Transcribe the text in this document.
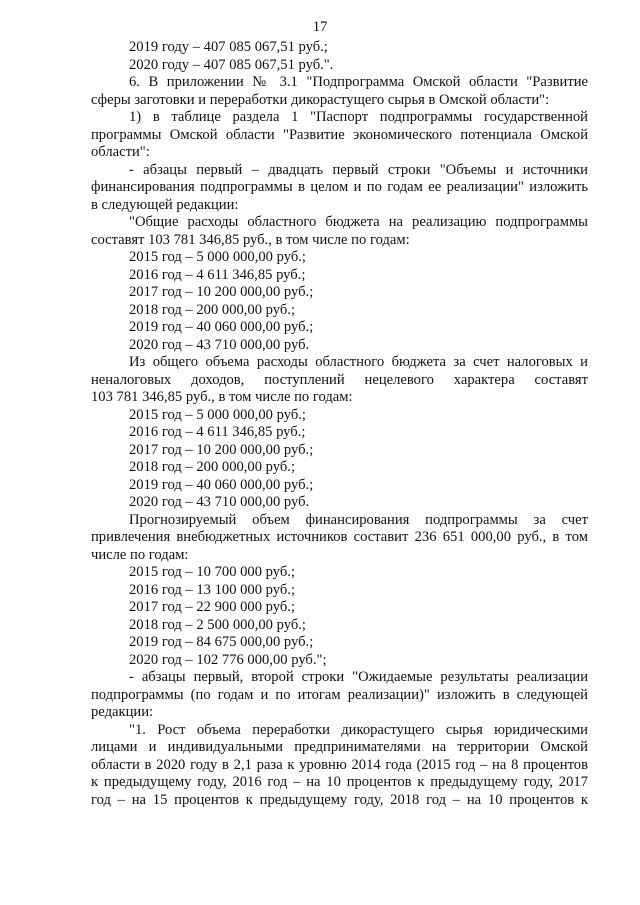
17
2019 году – 407 085 067,51 руб.;
2020 году – 407 085 067,51 руб.".
6. В приложении № 3.1 "Подпрограмма Омской области "Развитие
сферы заготовки и переработки дикорастущего сырья в Омской области":
1) в таблице раздела 1 "Паспорт подпрограммы государственной
программы Омской области "Развитие экономического потенциала Омской
области":
- абзацы первый – двадцать первый строки "Объемы и источники
финансирования подпрограммы в целом и по годам ее реализации" изложить
в следующей редакции:
"Общие расходы областного бюджета на реализацию подпрограммы
составят 103 781 346,85 руб., в том числе по годам:
2015 год – 5 000 000,00 руб.;
2016 год – 4 611 346,85 руб.;
2017 год – 10 200 000,00 руб.;
2018 год – 200 000,00 руб.;
2019 год – 40 060 000,00 руб.;
2020 год – 43 710 000,00 руб.
Из общего объема расходы областного бюджета за счет налоговых и
неналоговых доходов, поступлений нецелевого характера составят
103 781 346,85 руб., в том числе по годам:
2015 год – 5 000 000,00 руб.;
2016 год – 4 611 346,85 руб.;
2017 год – 10 200 000,00 руб.;
2018 год – 200 000,00 руб.;
2019 год – 40 060 000,00 руб.;
2020 год – 43 710 000,00 руб.
Прогнозируемый объем финансирования подпрограммы за счет
привлечения внебюджетных источников составит 236 651 000,00 руб., в том
числе по годам:
2015 год – 10 700 000 руб.;
2016 год – 13 100 000 руб.;
2017 год – 22 900 000 руб.;
2018 год – 2 500 000,00 руб.;
2019 год – 84 675 000,00 руб.;
2020 год – 102 776 000,00 руб.";
- абзацы первый, второй строки "Ожидаемые результаты реализации
подпрограммы (по годам и по итогам реализации)" изложить в следующей
редакции:
"1. Рост объема переработки дикорастущего сырья юридическими
лицами и индивидуальными предпринимателями на территории Омской
области в 2020 году в 2,1 раза к уровню 2014 года (2015 год – на 8 процентов
к предыдущему году, 2016 год – на 10 процентов к предыдущему году, 2017
год – на 15 процентов к предыдущему году, 2018 год – на 10 процентов к
